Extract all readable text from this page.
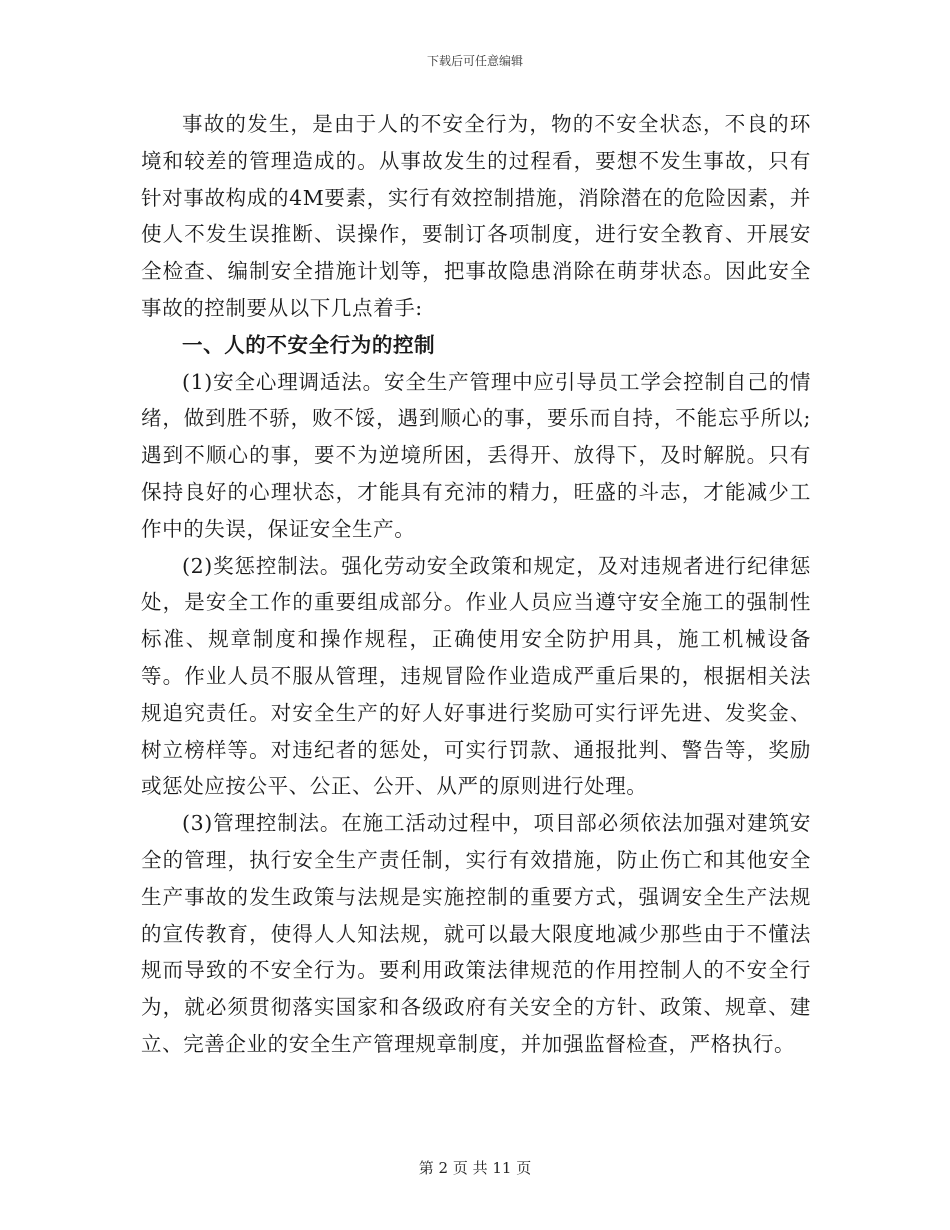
下载后可任意编辑

事故的发生，是由于人的不安全行为，物的不安全状态，不良的环境和较差的管理造成的。从事故发生的过程看，要想不发生事故，只有针对事故构成的4M要素，实行有效控制措施，消除潜在的危险因素，并使人不发生误推断、误操作，要制订各项制度，进行安全教育、开展安全检查、编制安全措施计划等，把事故隐患消除在萌芽状态。因此安全事故的控制要从以下几点着手:

一、人的不安全行为的控制

(1)安全心理调适法。安全生产管理中应引导员工学会控制自己的情绪，做到胜不骄，败不馁，遇到顺心的事，要乐而自持，不能忘乎所以;遇到不顺心的事，要不为逆境所困，丢得开、放得下，及时解脱。只有保持良好的心理状态，才能具有充沛的精力，旺盛的斗志，才能减少工作中的失误，保证安全生产。

(2)奖惩控制法。强化劳动安全政策和规定，及对违规者进行纪律惩处，是安全工作的重要组成部分。作业人员应当遵守安全施工的强制性标准、规章制度和操作规程，正确使用安全防护用具，施工机械设备等。作业人员不服从管理，违规冒险作业造成严重后果的，根据相关法规追究责任。对安全生产的好人好事进行奖励可实行评先进、发奖金、树立榜样等。对违纪者的惩处，可实行罚款、通报批判、警告等，奖励或惩处应按公平、公正、公开、从严的原则进行处理。

(3)管理控制法。在施工活动过程中，项目部必须依法加强对建筑安全的管理，执行安全生产责任制，实行有效措施，防止伤亡和其他安全生产事故的发生政策与法规是实施控制的重要方式，强调安全生产法规的宣传教育，使得人人知法规，就可以最大限度地减少那些由于不懂法规而导致的不安全行为。要利用政策法律规范的作用控制人的不安全行为，就必须贯彻落实国家和各级政府有关安全的方针、政策、规章、建立、完善企业的安全生产管理规章制度，并加强监督检查，严格执行。

第 2 页 共 11 页
